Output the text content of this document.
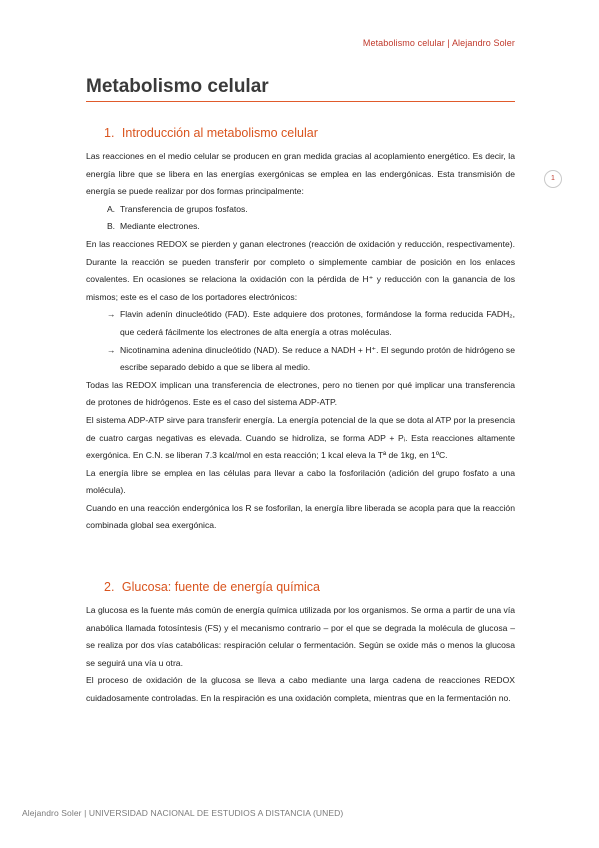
Metabolismo celular | Alejandro Soler
Metabolismo celular
1
1. Introducción al metabolismo celular

Las reacciones en el medio celular se producen en gran medida gracias al acoplamiento energético. Es decir, la energía libre que se libera en las energías exergónicas se emplea en las endergónicas. Esta transmisión de energía se puede realizar por dos formas principalmente:

A. Transferencia de grupos fosfatos.
B. Mediante electrones.

En las reacciones REDOX se pierden y ganan electrones (reacción de oxidación y reducción, respectivamente). Durante la reacción se pueden transferir por completo o simplemente cambiar de posición en los enlaces covalentes. En ocasiones se relaciona la oxidación con la pérdida de H⁺ y reducción con la ganancia de los mismos; este es el caso de los portadores electrónicos:

→ Flavin adenín dinucleótido (FAD). Este adquiere dos protones, formándose la forma reducida FADH₂, que cederá fácilmente los electrones de alta energía a otras moléculas.
→ Nicotinamina adenina dinucleótido (NAD). Se reduce a NADH + H⁺. El segundo protón de hidrógeno se escribe separado debido a que se libera al medio.

Todas las REDOX implican una transferencia de electrones, pero no tienen por qué implicar una transferencia de protones de hidrógenos. Este es el caso del sistema ADP-ATP.

El sistema ADP-ATP sirve para transferir energía. La energía potencial de la que se dota al ATP por la presencia de cuatro cargas negativas es elevada. Cuando se hidroliza, se forma ADP + Pᵢ. Esta reacciones altamente exergónica. En C.N. se liberan 7.3 kcal/mol en esta reacción; 1 kcal eleva la Tª de 1kg, en 1ºC.

La energía libre se emplea en las células para llevar a cabo la fosforilación (adición del grupo fosfato a una molécula).

Cuando en una reacción endergónica los R se fosforilan, la energía libre liberada se acopla para que la reacción combinada global sea exergónica.

2. Glucosa: fuente de energía química

La glucosa es la fuente más común de energía química utilizada por los organismos. Se orma a partir de una vía anabólica llamada fotosíntesis (FS) y el mecanismo contrario – por el que se degrada la molécula de glucosa – se realiza por dos vías catabólicas: respiración celular o fermentación. Según se oxide más o menos la glucosa se seguirá una vía u otra.

El proceso de oxidación de la glucosa se lleva a cabo mediante una larga cadena de reacciones REDOX cuidadosamente controladas. En la respiración es una oxidación completa, mientras que en la fermentación no.

Alejandro Soler | UNIVERSIDAD NACIONAL DE ESTUDIOS A DISTANCIA (UNED)
